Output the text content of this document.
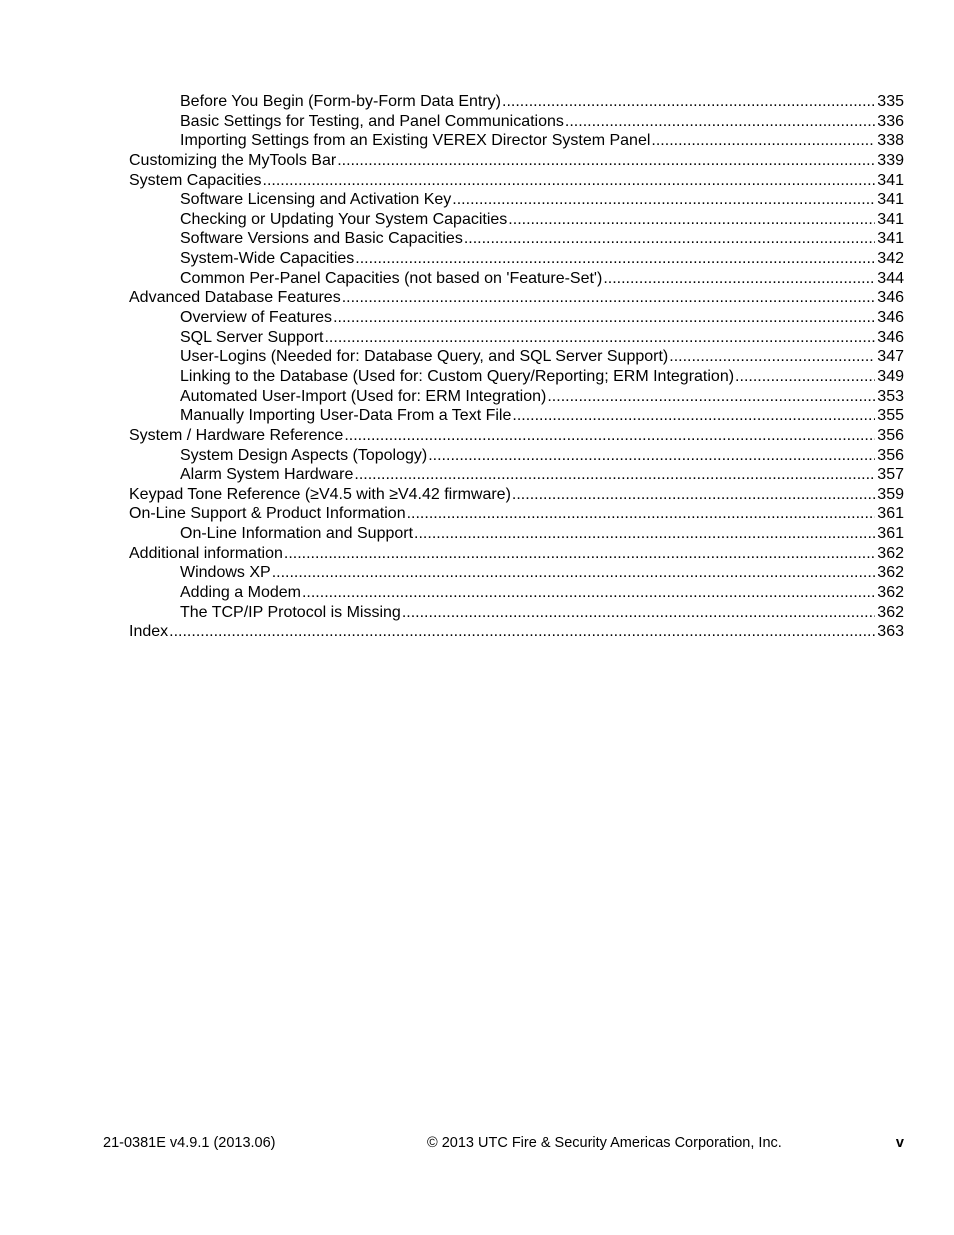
Before You Begin (Form-by-Form Data Entry) .....	335
Basic Settings for Testing, and Panel Communications .....	336
Importing Settings from an Existing VEREX Director System Panel .....	338
Customizing the MyTools Bar .....	339
System Capacities .....	341
Software Licensing and Activation Key .....	341
Checking or Updating Your System Capacities .....	341
Software Versions and Basic Capacities .....	341
System-Wide Capacities .....	342
Common Per-Panel Capacities (not based on 'Feature-Set') .....	344
Advanced Database Features .....	346
Overview of Features .....	346
SQL Server Support .....	346
User-Logins (Needed for: Database Query, and SQL Server Support) .....	347
Linking to the Database (Used for: Custom Query/Reporting; ERM Integration) .....	349
Automated User-Import (Used for: ERM Integration) .....	353
Manually Importing User-Data From a Text File .....	355
System / Hardware Reference .....	356
System Design Aspects (Topology) .....	356
Alarm System Hardware .....	357
Keypad Tone Reference (≥V4.5 with ≥V4.42 firmware) .....	359
On-Line Support & Product Information .....	361
On-Line Information and Support .....	361
Additional information .....	362
Windows XP .....	362
Adding a Modem .....	362
The TCP/IP Protocol is Missing .....	362
Index .....	363
21-0381E v4.9.1 (2013.06)	© 2013 UTC Fire & Security Americas Corporation, Inc.	v
